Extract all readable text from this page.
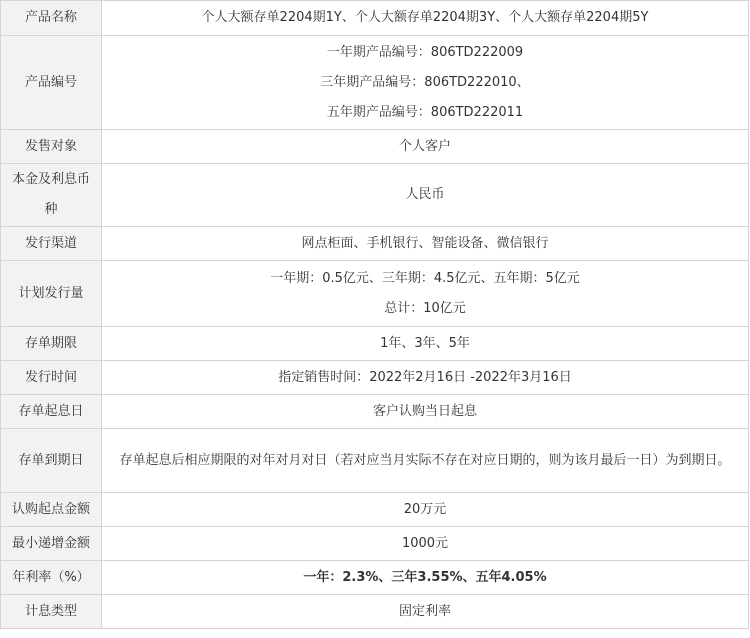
产品名称	个人大额存单2204期1Y、个人大额存单2204期3Y、个人大额存单2204期5Y

产品编号	一年期产品编号：806TD222009
三年期产品编号：806TD222010、
五年期产品编号：806TD222011

发售对象	个人客户

本金及利息币种	人民币

发行渠道	网点柜面、手机银行、智能设备、微信银行

计划发行量	一年期：0.5亿元、三年期：4.5亿元、五年期：5亿元
总计：10亿元

存单期限	1年、3年、5年

发行时间	指定销售时间：2022年2月16日 -2022年3月16日

存单起息日	客户认购当日起息

存单到期日	存单起息后相应期限的对年对月对日（若对应当月实际不存在对应日期的，则为该月最后一日）为到期日。

认购起点金额	20万元

最小递增金额	1000元

年利率（%）	一年：2.3%、三年3.55%、五年4.05%

计息类型	固定利率
